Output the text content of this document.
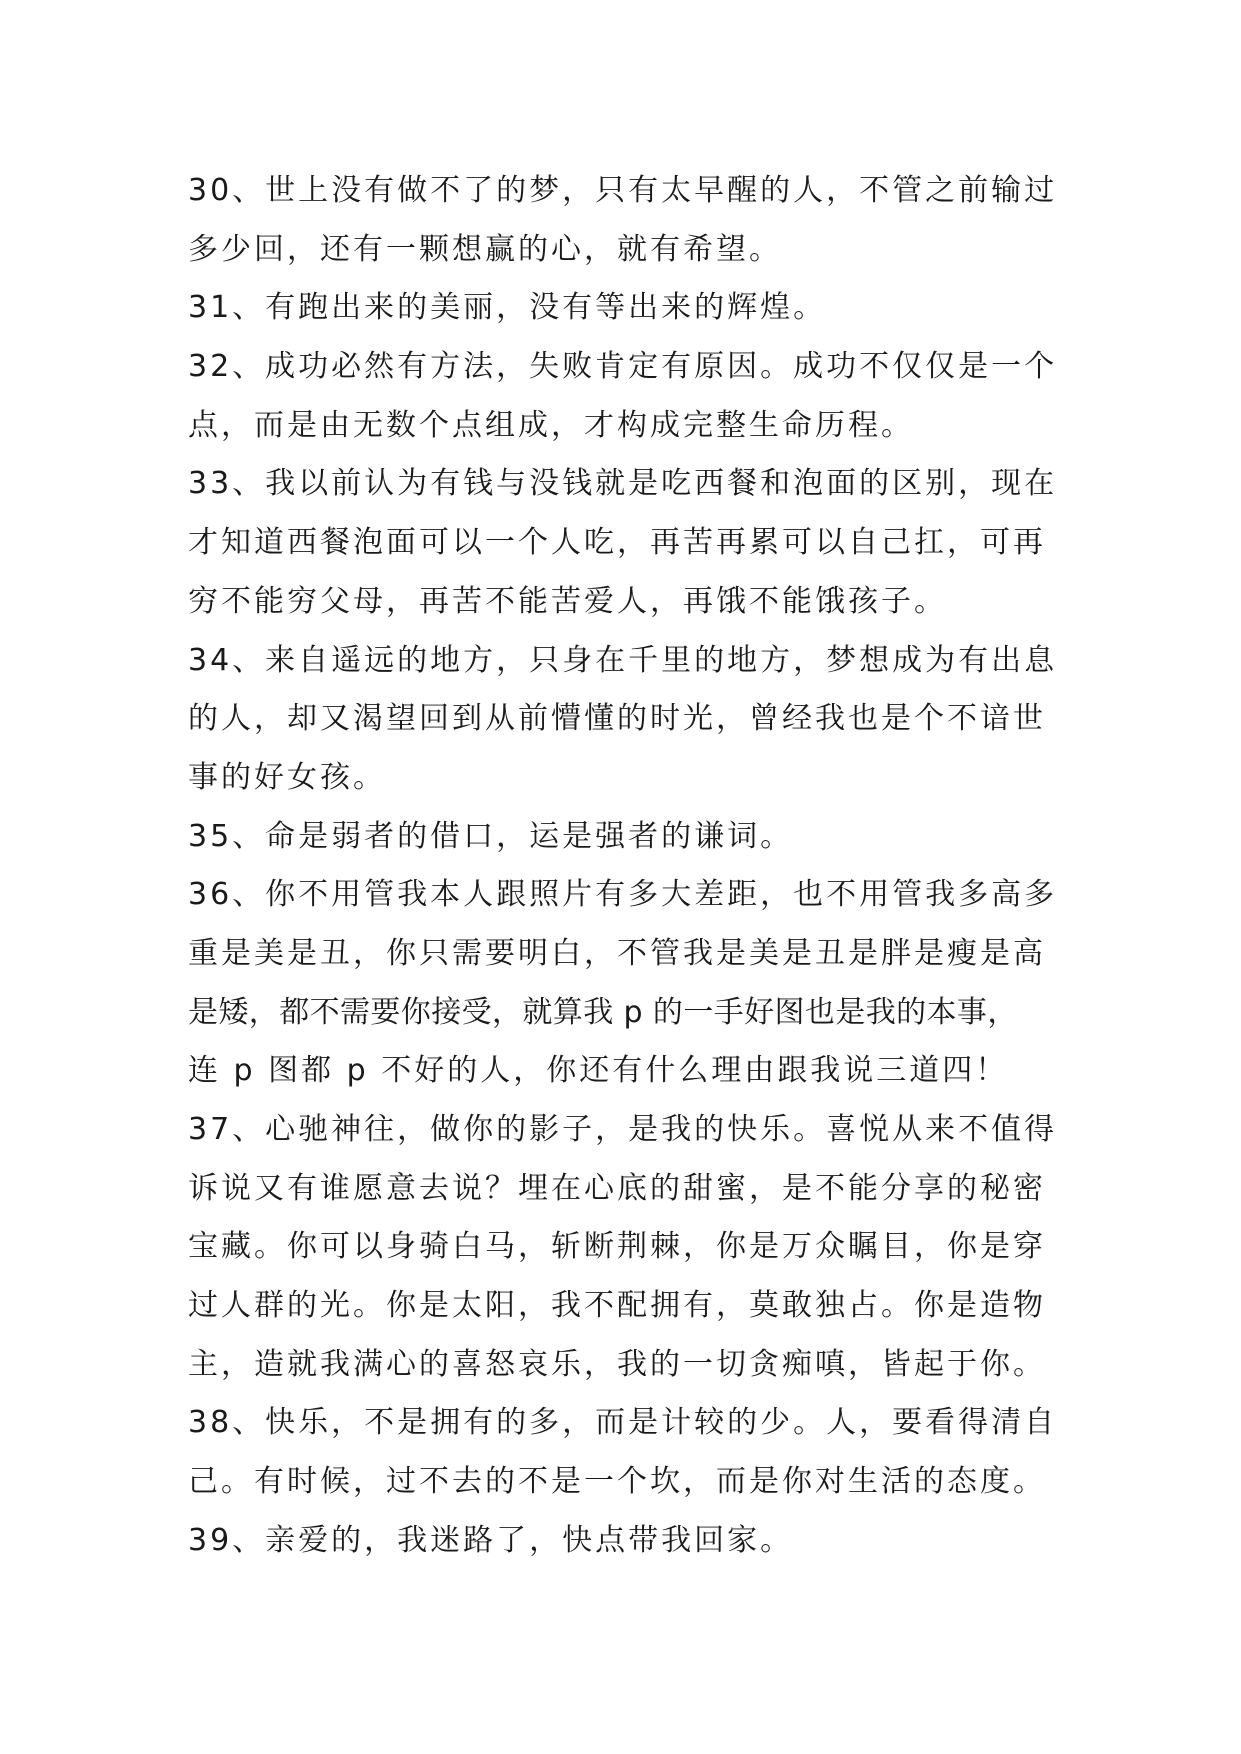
30、世上没有做不了的梦，只有太早醒的人，不管之前输过
多少回，还有一颗想赢的心，就有希望。
31、有跑出来的美丽，没有等出来的辉煌。
32、成功必然有方法，失败肯定有原因。成功不仅仅是一个
点，而是由无数个点组成，才构成完整生命历程。
33、我以前认为有钱与没钱就是吃西餐和泡面的区别，现在
才知道西餐泡面可以一个人吃，再苦再累可以自己扛，可再
穷不能穷父母，再苦不能苦爱人，再饿不能饿孩子。
34、来自遥远的地方，只身在千里的地方，梦想成为有出息
的人，却又渴望回到从前懵懂的时光，曾经我也是个不谙世
事的好女孩。
35、命是弱者的借口，运是强者的谦词。
36、你不用管我本人跟照片有多大差距，也不用管我多高多
重是美是丑，你只需要明白，不管我是美是丑是胖是瘦是高
是矮，都不需要你接受，就算我 p 的一手好图也是我的本事，
连 p 图都 p 不好的人，你还有什么理由跟我说三道四！
37、心驰神往，做你的影子，是我的快乐。喜悦从来不值得
诉说又有谁愿意去说？埋在心底的甜蜜，是不能分享的秘密
宝藏。你可以身骑白马，斩断荆棘，你是万众瞩目，你是穿
过人群的光。你是太阳，我不配拥有，莫敢独占。你是造物
主，造就我满心的喜怒哀乐，我的一切贪痴嗔，皆起于你。
38、快乐，不是拥有的多，而是计较的少。人，要看得清自
己。有时候，过不去的不是一个坎，而是你对生活的态度。
39、亲爱的，我迷路了，快点带我回家。
